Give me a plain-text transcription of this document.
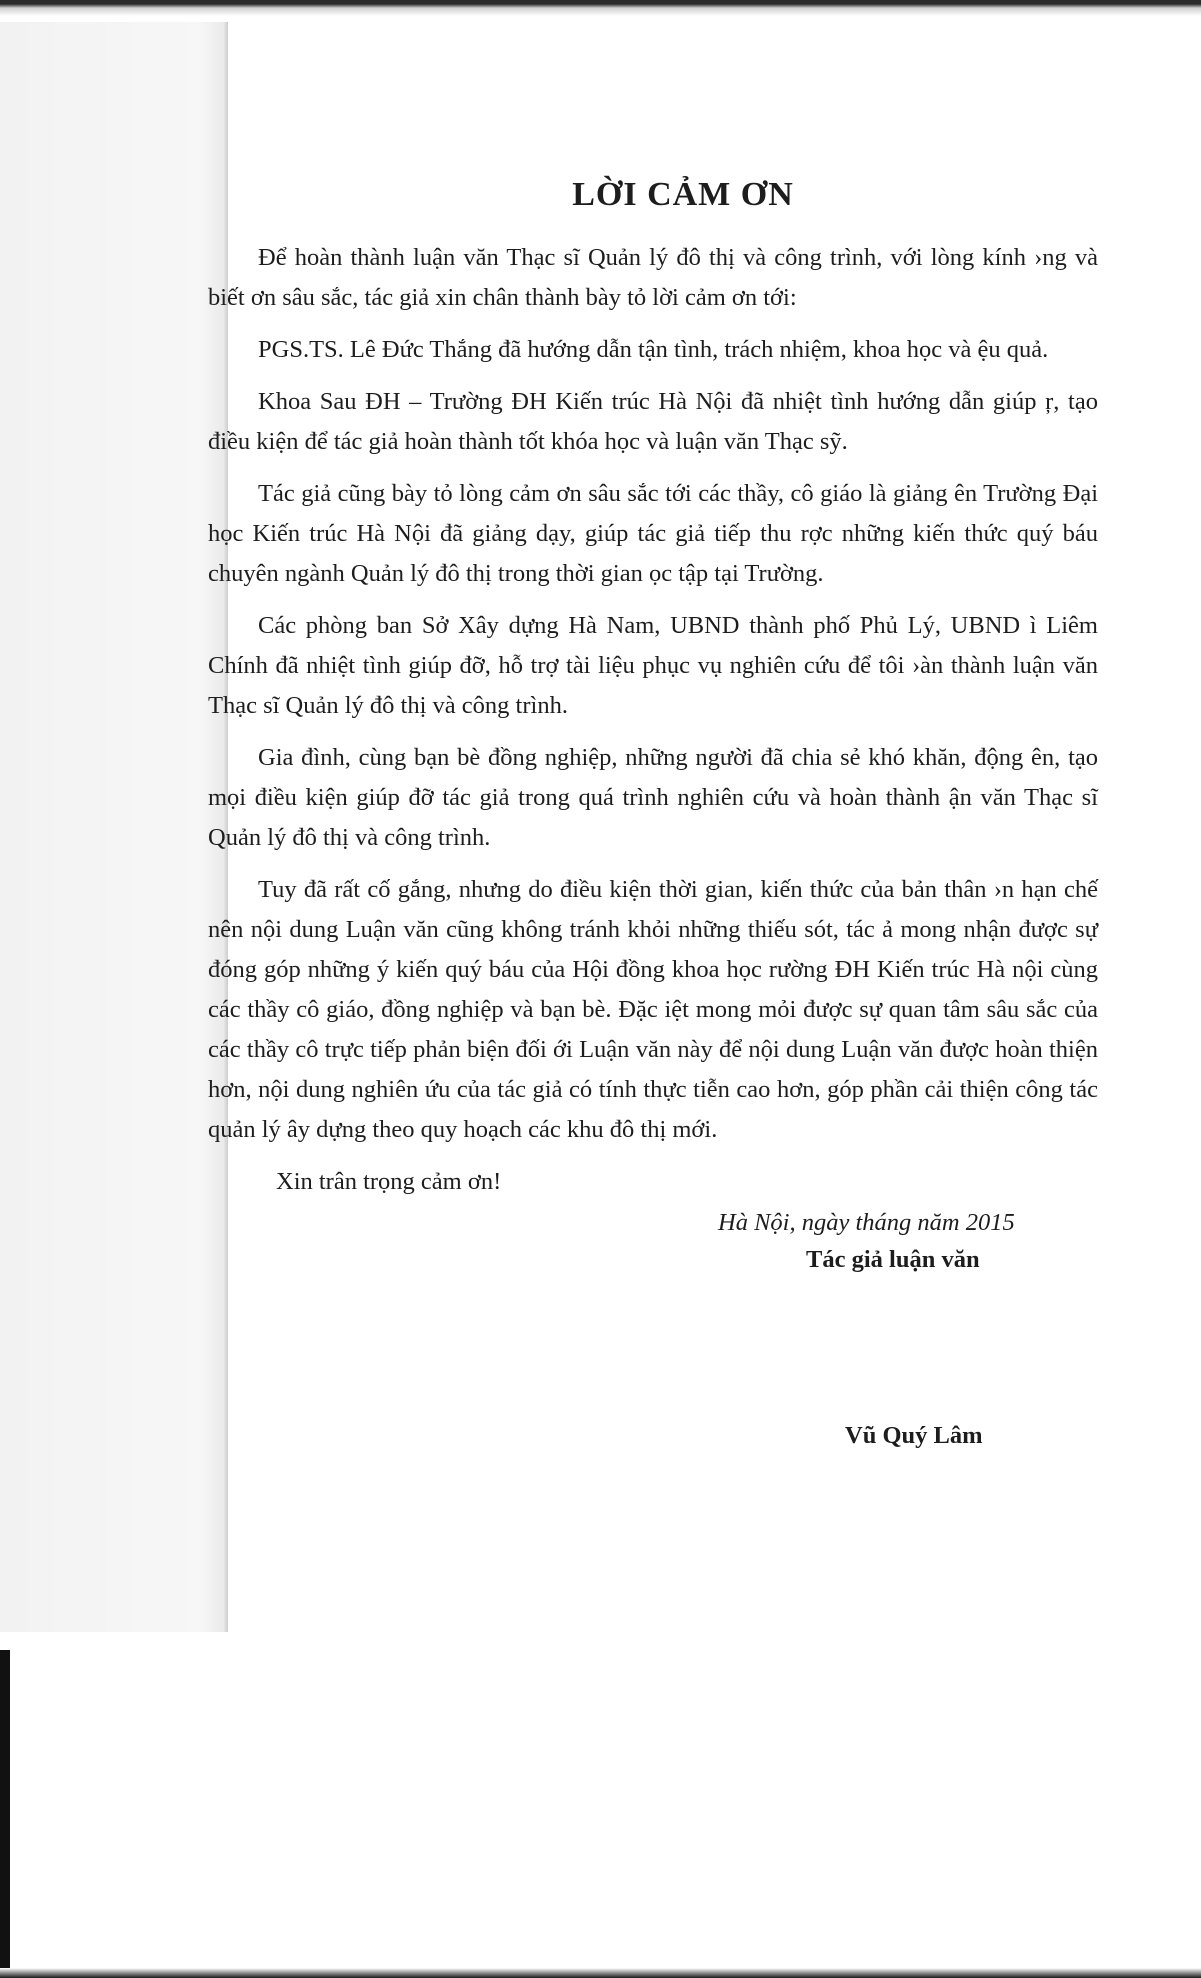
LỜI CẢM ƠN

Để hoàn thành luận văn Thạc sĩ Quản lý đô thị và công trình, với lòng kính ›ng và biết ơn sâu sắc, tác giả xin chân thành bày tỏ lời cảm ơn tới:

PGS.TS. Lê Đức Thắng đã hướng dẫn tận tình, trách nhiệm, khoa học và ệu quả.

Khoa Sau ĐH – Trường ĐH Kiến trúc Hà Nội đã nhiệt tình hướng dẫn giúp ŗ, tạo điều kiện để tác giả hoàn thành tốt khóa học và luận văn Thạc sỹ.

Tác giả cũng bày tỏ lòng cảm ơn sâu sắc tới các thầy, cô giáo là giảng ên Trường Đại học Kiến trúc Hà Nội đã giảng dạy, giúp tác giả tiếp thu rợc những kiến thức quý báu chuyên ngành Quản lý đô thị trong thời gian ọc tập tại Trường.

Các phòng ban Sở Xây dựng Hà Nam, UBND thành phố Phủ Lý, UBND ì Liêm Chính đã nhiệt tình giúp đỡ, hỗ trợ tài liệu phục vụ nghiên cứu để tôi ›àn thành luận văn Thạc sĩ Quản lý đô thị và công trình.

Gia đình, cùng bạn bè đồng nghiệp, những người đã chia sẻ khó khăn, động ên, tạo mọi điều kiện giúp đỡ tác giả trong quá trình nghiên cứu và hoàn thành ận văn Thạc sĩ Quản lý đô thị và công trình.

Tuy đã rất cố gắng, nhưng do điều kiện thời gian, kiến thức của bản thân ›n hạn chế nên nội dung Luận văn cũng không tránh khỏi những thiếu sót, tác ả mong nhận được sự đóng góp những ý kiến quý báu của Hội đồng khoa học rường ĐH Kiến trúc Hà nội cùng các thầy cô giáo, đồng nghiệp và bạn bè. Đặc iệt mong mỏi được sự quan tâm sâu sắc của các thầy cô trực tiếp phản biện đối ới Luận văn này để nội dung Luận văn được hoàn thiện hơn, nội dung nghiên ứu của tác giả có tính thực tiễn cao hơn, góp phần cải thiện công tác quản lý ây dựng theo quy hoạch các khu đô thị mới.

Xin trân trọng cảm ơn!

Hà Nội, ngày tháng năm 2015
Tác giả luận văn
Vũ Quý Lâm
